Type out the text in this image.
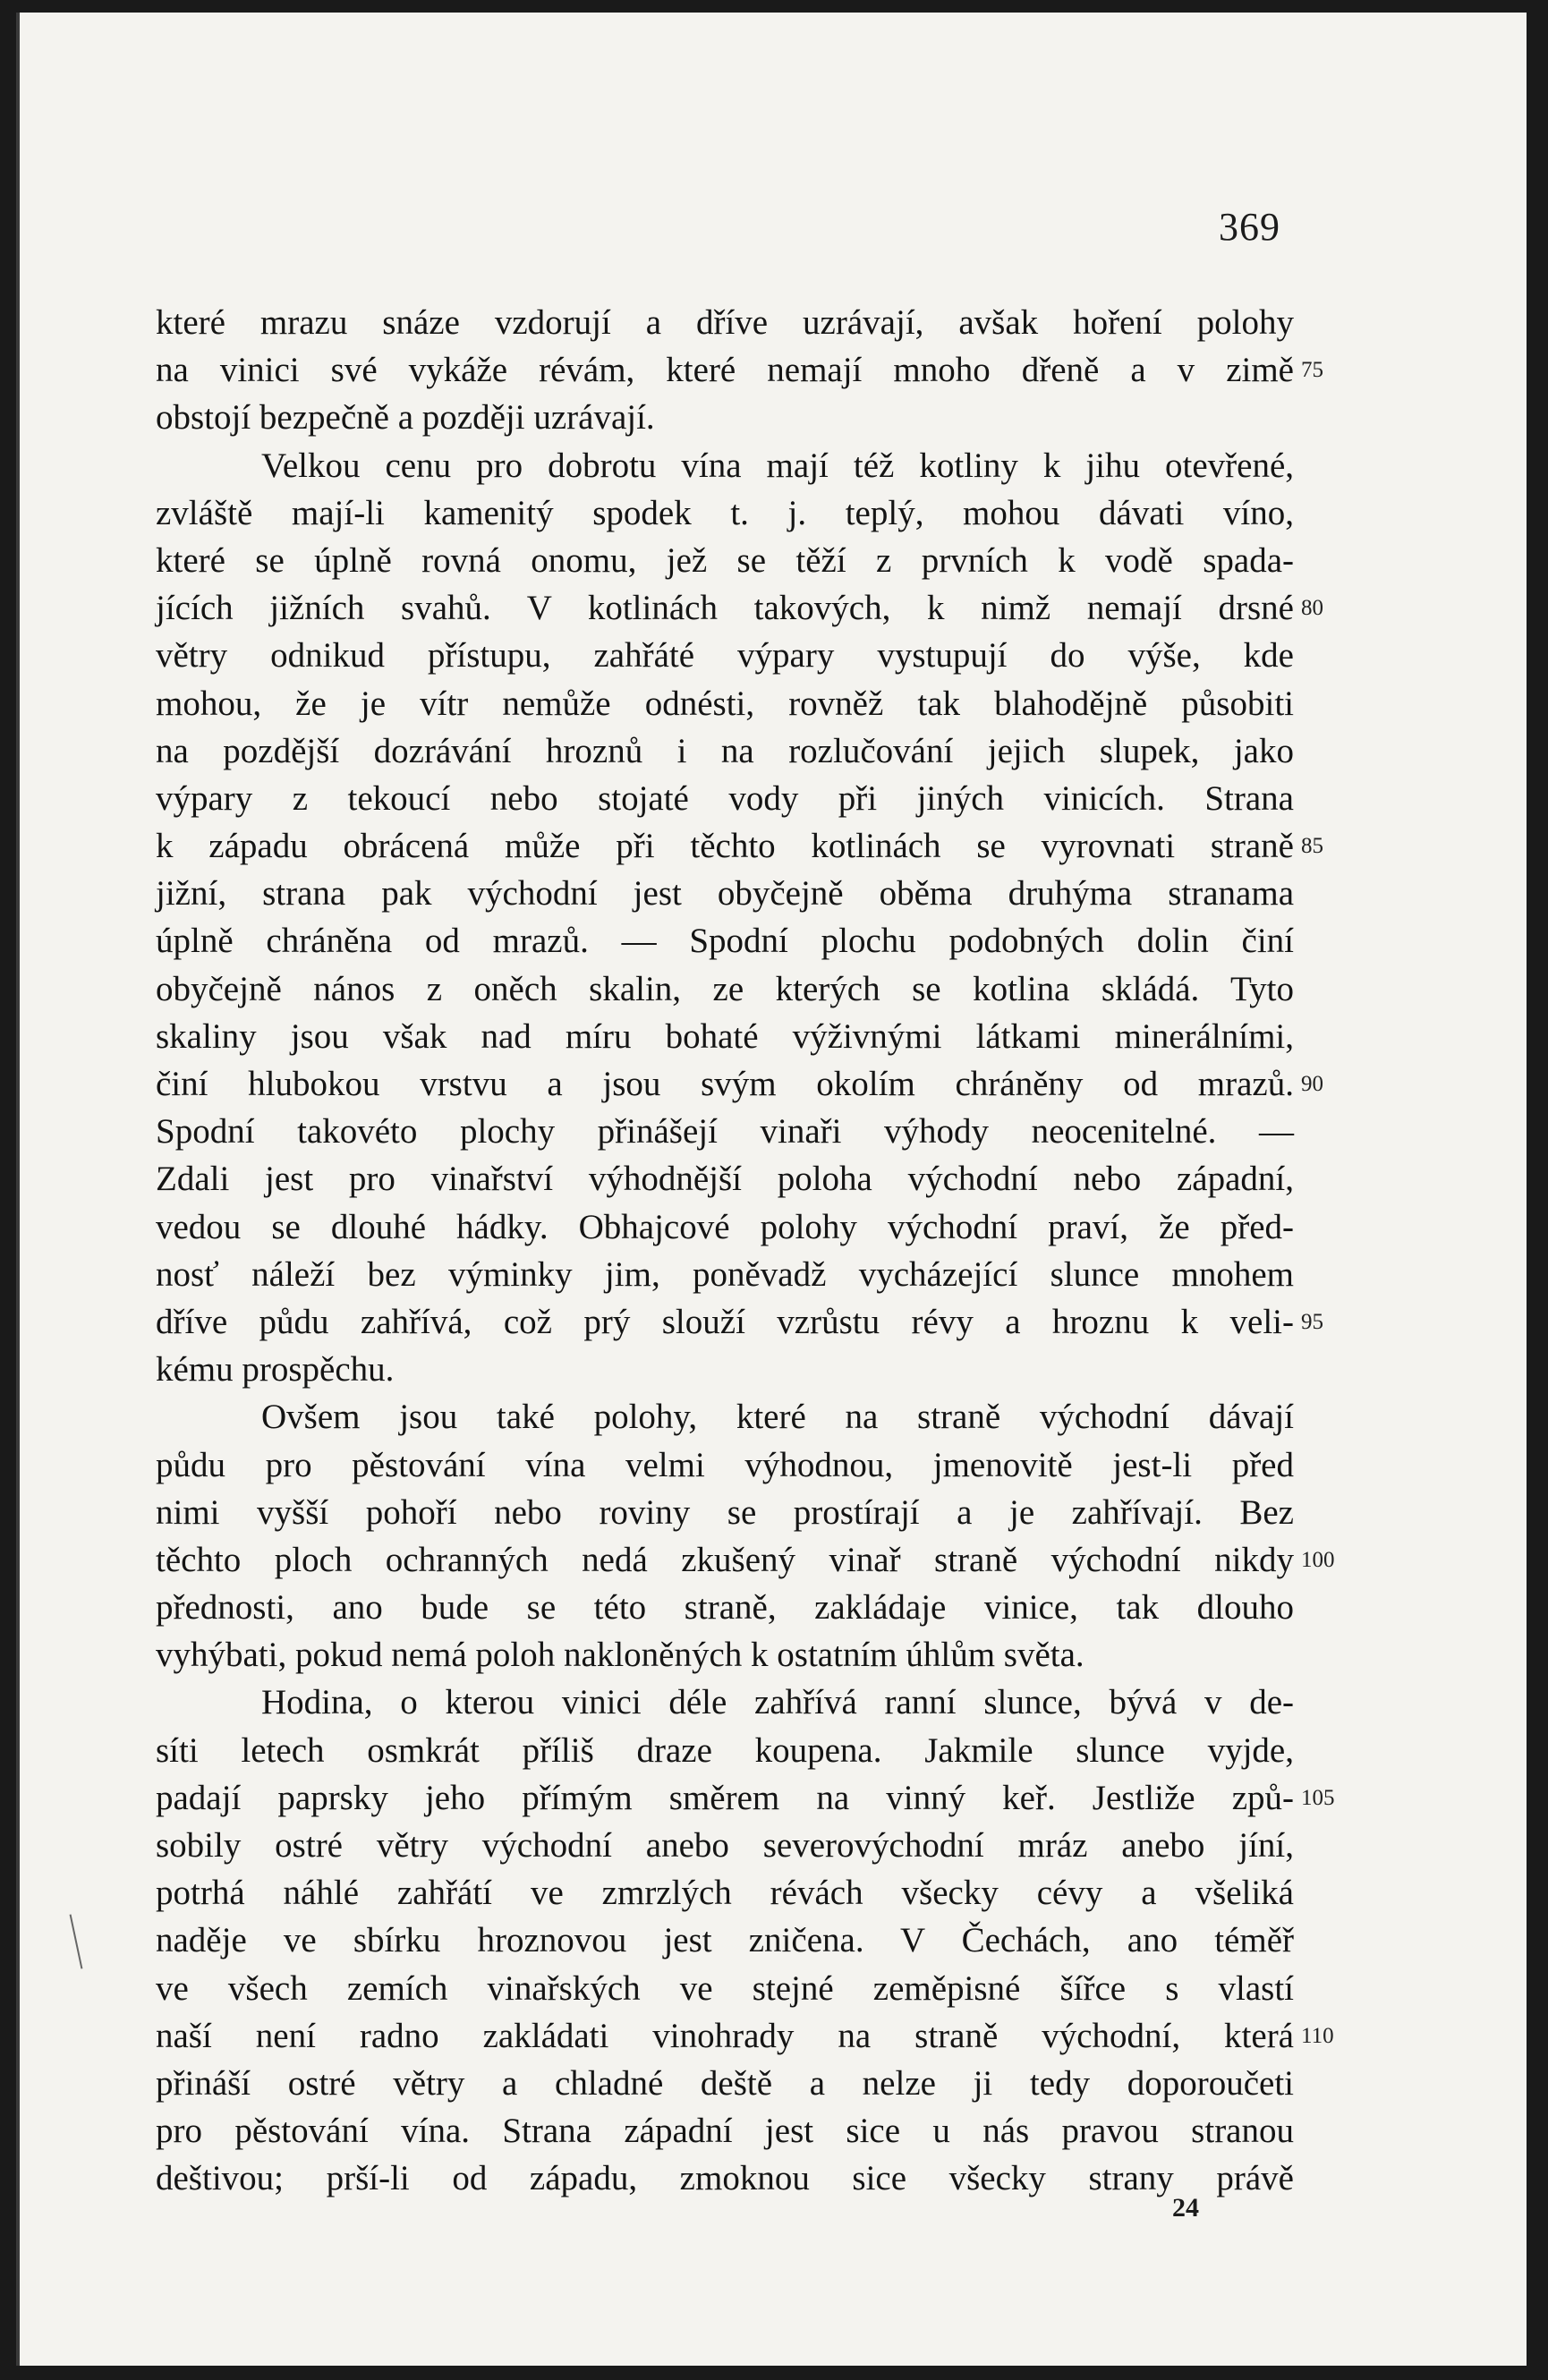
369
které mrazu snáze vzdorují a dříve uzrávají, avšak hoření polohy
na vinici své vykáže révám, které nemají mnoho dřeně a v zimě
obstojí bezpečně a později uzrávají.
Velkou cenu pro dobrotu vína mají též kotliny k jihu otevřené,
zvláště mají-li kamenitý spodek t. j. teplý, mohou dávati víno,
které se úplně rovná onomu, jež se těží z prvních k vodě spada-
jících jižních svahů. V kotlinách takových, k nimž nemají drsné
větry odnikud přístupu, zahřáté výpary vystupují do výše, kde
mohou, že je vítr nemůže odnésti, rovněž tak blahodějně působiti
na pozdější dozrávání hroznů i na rozlučování jejich slupek, jako
výpary z tekoucí nebo stojaté vody při jiných vinicích. Strana
k západu obrácená může při těchto kotlinách se vyrovnati straně
jižní, strana pak východní jest obyčejně oběma druhýma stranama
úplně chráněna od mrazů. — Spodní plochu podobných dolin činí
obyčejně nános z oněch skalin, ze kterých se kotlina skládá. Tyto
skaliny jsou však nad míru bohaté výživnými látkami minerálními,
činí hlubokou vrstvu a jsou svým okolím chráněny od mrazů.
Spodní takovéto plochy přinášejí vinaři výhody neocenitelné. —
Zdali jest pro vinařství výhodnější poloha východní nebo západní,
vedou se dlouhé hádky. Obhajcové polohy východní praví, že před-
nosť náleží bez výminky jim, poněvadž vycházející slunce mnohem
dříve půdu zahřívá, což prý slouží vzrůstu révy a hroznu k veli-
kému prospěchu.
Ovšem jsou také polohy, které na straně východní dávají
půdu pro pěstování vína velmi výhodnou, jmenovitě jest-li před
nimi vyšší pohoří nebo roviny se prostírají a je zahřívají. Bez
těchto ploch ochranných nedá zkušený vinař straně východní nikdy
přednosti, ano bude se této straně, zakládaje vinice, tak dlouho
vyhýbati, pokud nemá poloh nakloněných k ostatním úhlům světa.
Hodina, o kterou vinici déle zahřívá ranní slunce, bývá v de-
síti letech osmkrát příliš draze koupena. Jakmile slunce vyjde,
padají paprsky jeho přímým směrem na vinný keř. Jestliže způ-
sobily ostré větry východní anebo severovýchodní mráz anebo jíní,
potrhá náhlé zahřátí ve zmrzlých révách všecky cévy a všeliká
naděje ve sbírku hroznovou jest zničena. V Čechách, ano téměř
ve všech zemích vinařských ve stejné zeměpisné šířce s vlastí
naší není radno zakládati vinohrady na straně východní, která
přináší ostré větry a chladné deště a nelze ji tedy doporoučeti
pro pěstování vína. Strana západní jest sice u nás pravou stranou
deštivou; prší-li od západu, zmoknou sice všecky strany právě
75
80
85
90
95
100
105
110
24
